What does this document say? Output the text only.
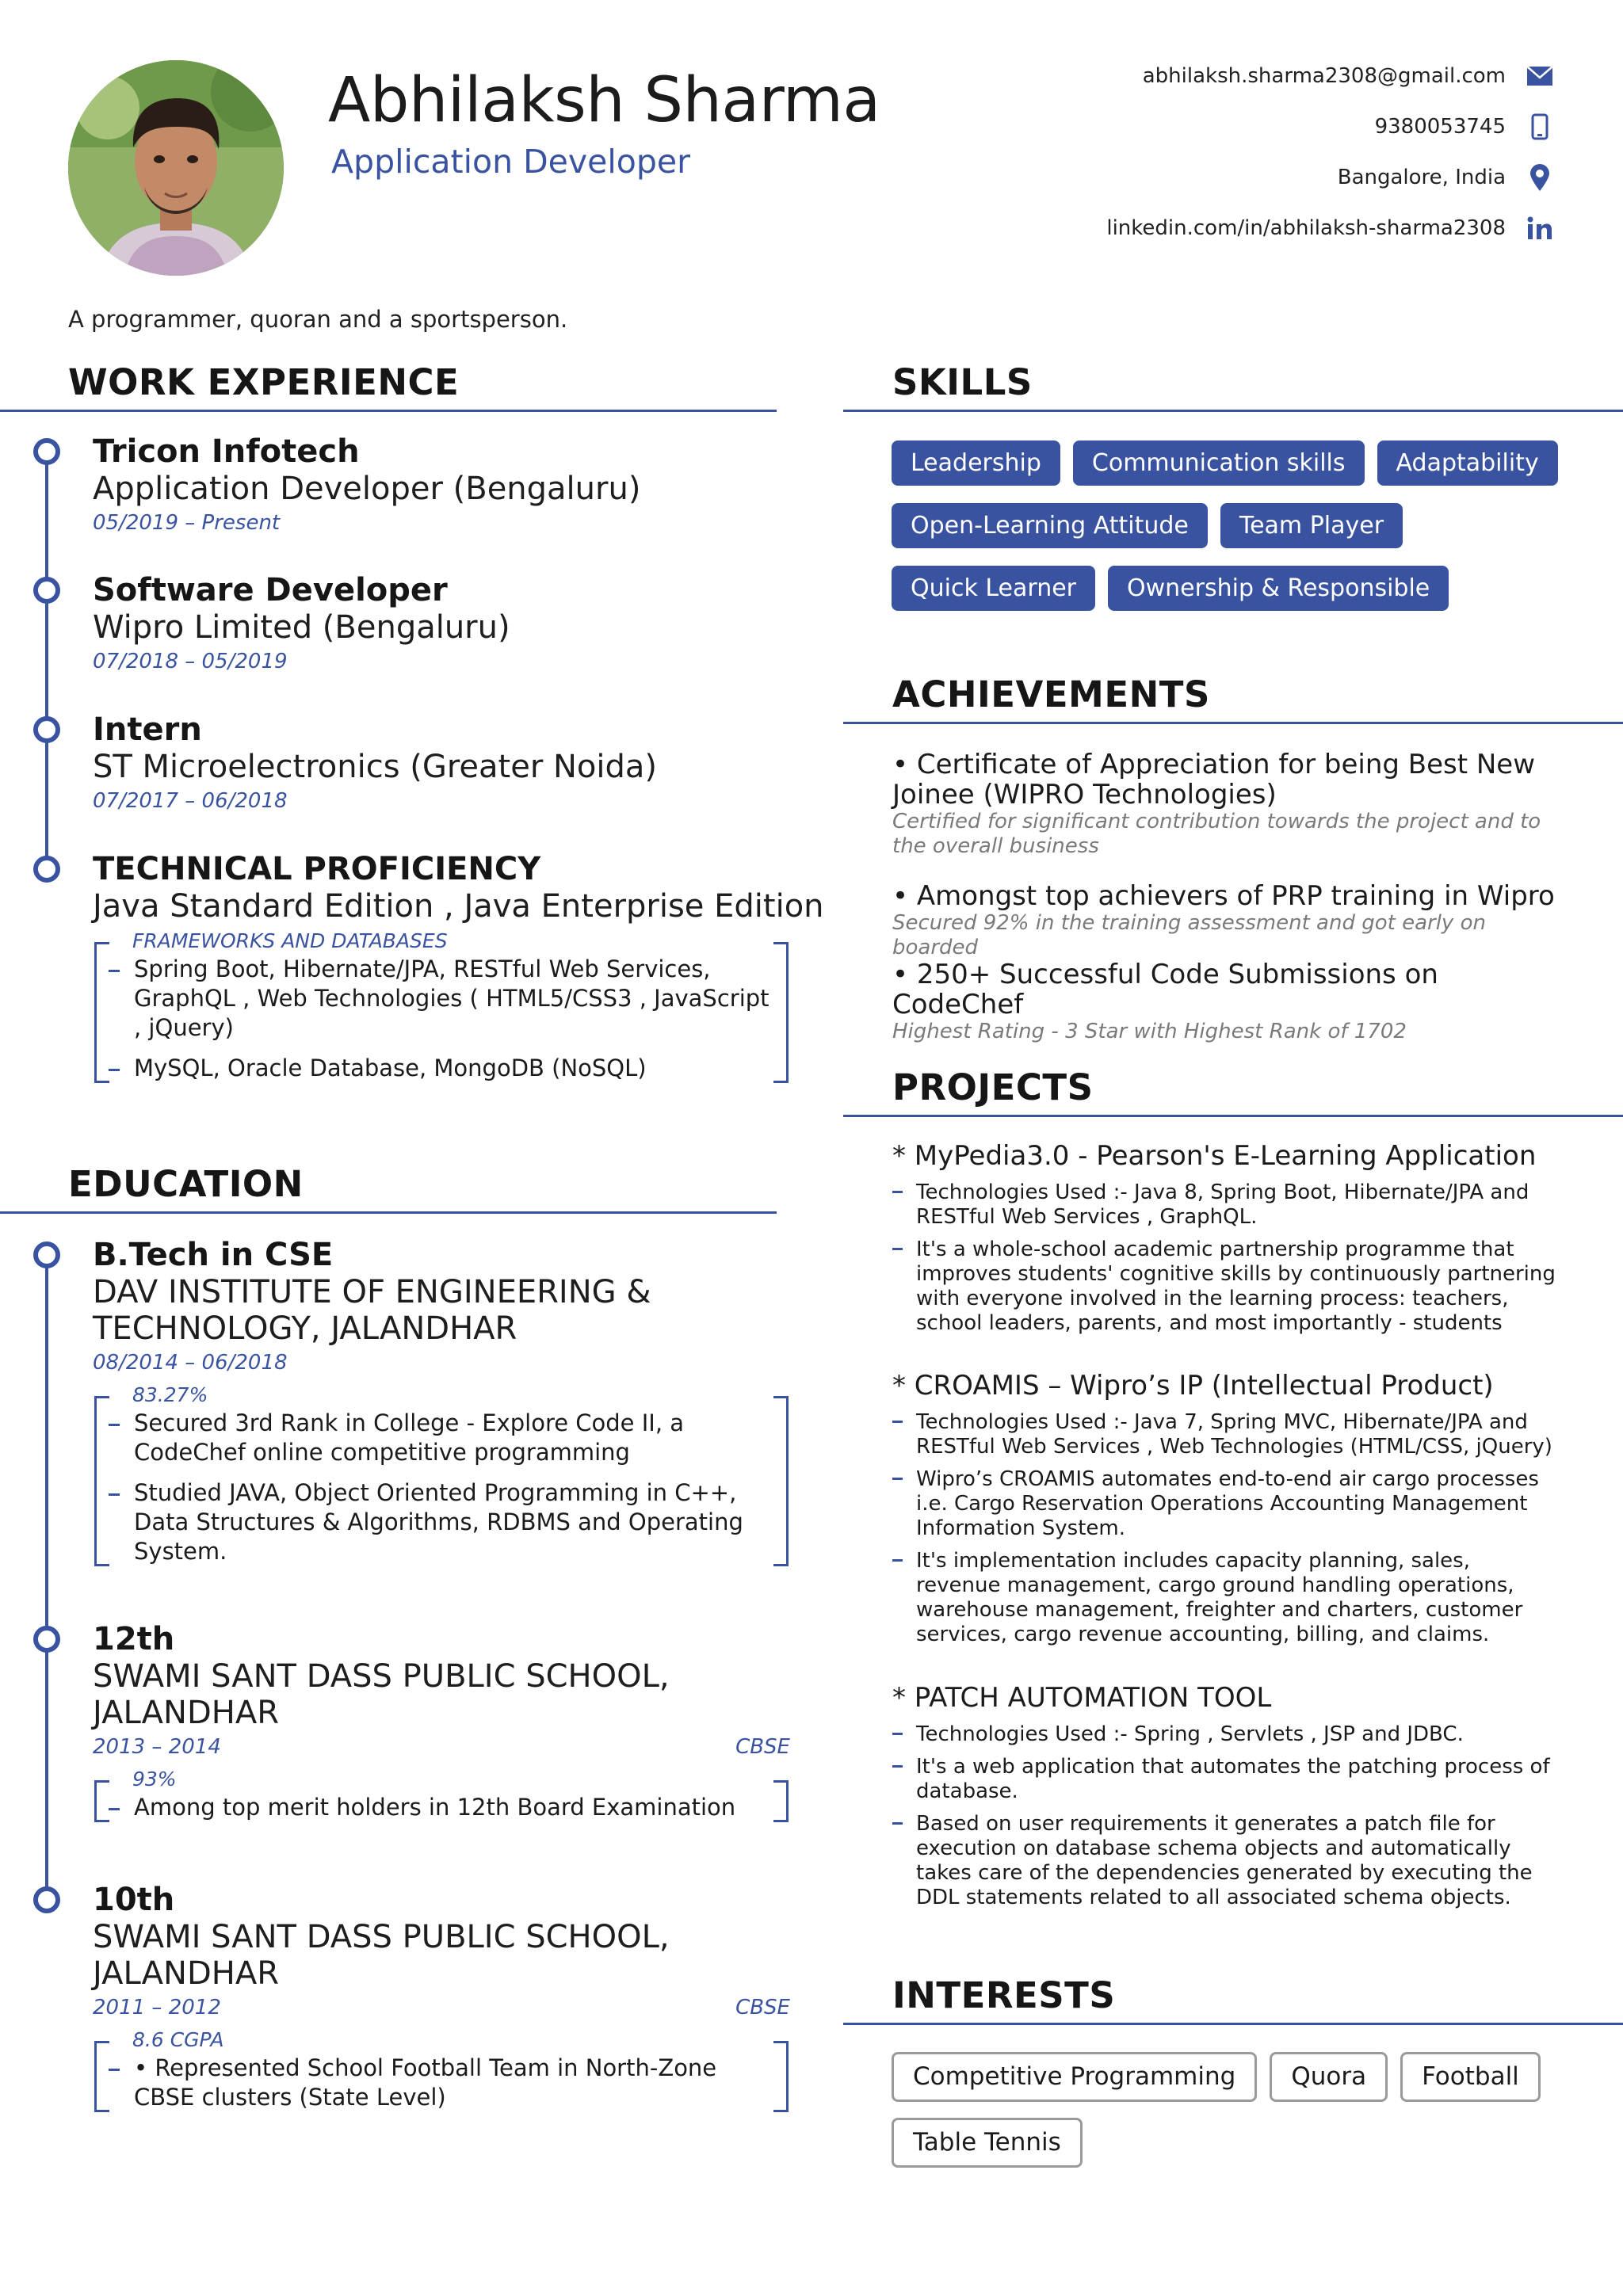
Abhilaksh Sharma
Application Developer
abhilaksh.sharma2308@gmail.com
9380053745
Bangalore, India
linkedin.com/in/abhilaksh-sharma2308
A programmer, quoran and a sportsperson.
WORK EXPERIENCE
Tricon Infotech
Application Developer (Bengaluru)
05/2019 – Present
Software Developer
Wipro Limited (Bengaluru)
07/2018 – 05/2019
Intern
ST Microelectronics (Greater Noida)
07/2017 – 06/2018
TECHNICAL PROFICIENCY
Java Standard Edition , Java Enterprise Edition
FRAMEWORKS AND DATABASES
Spring Boot, Hibernate/JPA, RESTful Web Services, GraphQL , Web Technologies ( HTML5/CSS3 , JavaScript , jQuery)
MySQL, Oracle Database, MongoDB (NoSQL)
EDUCATION
B.Tech in CSE
DAV INSTITUTE OF ENGINEERING & TECHNOLOGY, JALANDHAR
08/2014 – 06/2018
83.27%
Secured 3rd Rank in College - Explore Code II, a CodeChef online competitive programming
Studied JAVA, Object Oriented Programming in C++, Data Structures & Algorithms, RDBMS and Operating System.
12th
SWAMI SANT DASS PUBLIC SCHOOL, JALANDHAR
2013 – 2014	CBSE
93%
Among top merit holders in 12th Board Examination
10th
SWAMI SANT DASS PUBLIC SCHOOL, JALANDHAR
2011 – 2012	CBSE
8.6 CGPA
• Represented School Football Team in North-Zone CBSE clusters (State Level)
SKILLS
Leadership	Communication skills	Adaptability
Open-Learning Attitude	Team Player
Quick Learner	Ownership & Responsible
ACHIEVEMENTS
• Certificate of Appreciation for being Best New Joinee (WIPRO Technologies)
Certified for significant contribution towards the project and to the overall business
• Amongst top achievers of PRP training in Wipro
Secured 92% in the training assessment and got early on boarded
• 250+ Successful Code Submissions on CodeChef
Highest Rating - 3 Star with Highest Rank of 1702
PROJECTS
* MyPedia3.0 - Pearson's E-Learning Application
Technologies Used :- Java 8, Spring Boot, Hibernate/JPA and RESTful Web Services , GraphQL.
It's a whole-school academic partnership programme that improves students' cognitive skills by continuously partnering with everyone involved in the learning process: teachers, school leaders, parents, and most importantly - students
* CROAMIS – Wipro’s IP (Intellectual Product)
Technologies Used :- Java 7, Spring MVC, Hibernate/JPA and RESTful Web Services , Web Technologies (HTML/CSS, jQuery)
Wipro’s CROAMIS automates end-to-end air cargo processes i.e. Cargo Reservation Operations Accounting Management Information System.
It's implementation includes capacity planning, sales, revenue management, cargo ground handling operations, warehouse management, freighter and charters, customer services, cargo revenue accounting, billing, and claims.
* PATCH AUTOMATION TOOL
Technologies Used :- Spring , Servlets , JSP and JDBC.
It's a web application that automates the patching process of database.
Based on user requirements it generates a patch file for execution on database schema objects and automatically takes care of the dependencies generated by executing the DDL statements related to all associated schema objects.
INTERESTS
Competitive Programming	Quora	Football
Table Tennis
